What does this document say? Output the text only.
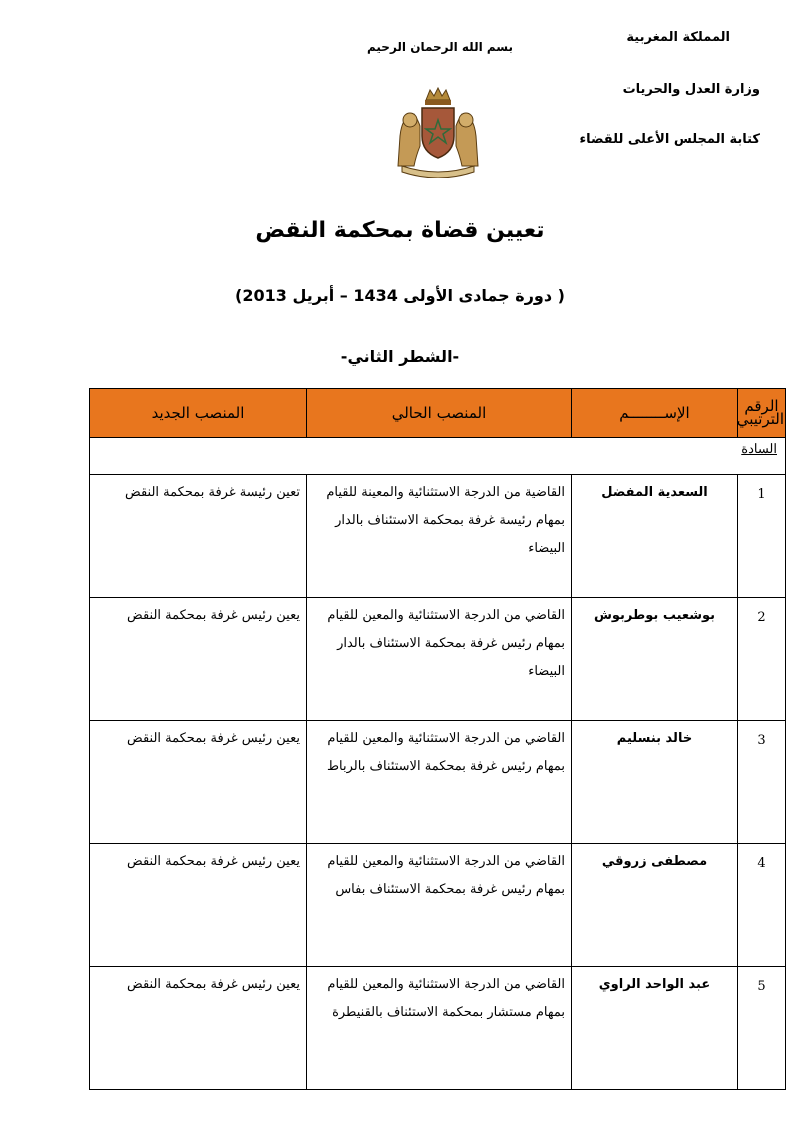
المملكة المغربية
وزارة العدل والحريات
كتابة المجلس الأعلى للقضاء
بسم الله الرحمان الرحيم
تعيين قضاة بمحكمة النقض
( دورة جمادى الأولى 1434 – أبريل 2013)
-الشطر الثاني-
الرقم الترتيبي	الإســــــــم	المنصب الحالي	المنصب الجديد
السادة			
1	السعدية المفضل	القاضية من الدرجة الاستثنائية والمعينة للقيام بمهام رئيسة غرفة بمحكمة الاستئناف بالدار البيضاء	تعين رئيسة غرفة بمحكمة النقض
2	بوشعيب بوطربوش	القاضي من الدرجة الاستثنائية والمعين للقيام بمهام رئيس غرفة بمحكمة الاستئناف بالدار البيضاء	يعين رئيس غرفة بمحكمة النقض
3	خالد بنسليم	القاضي من الدرجة الاستثنائية والمعين للقيام بمهام رئيس غرفة بمحكمة الاستئناف بالرباط	يعين رئيس غرفة بمحكمة النقض
4	مصطفى زروقي	القاضي من الدرجة الاستثنائية والمعين للقيام بمهام رئيس غرفة بمحكمة الاستئناف بفاس	يعين رئيس غرفة بمحكمة النقض
5	عبد الواحد الراوي	القاضي من الدرجة الاستثنائية والمعين للقيام بمهام مستشار بمحكمة الاستئناف بالقنيطرة	يعين رئيس غرفة بمحكمة النقض
